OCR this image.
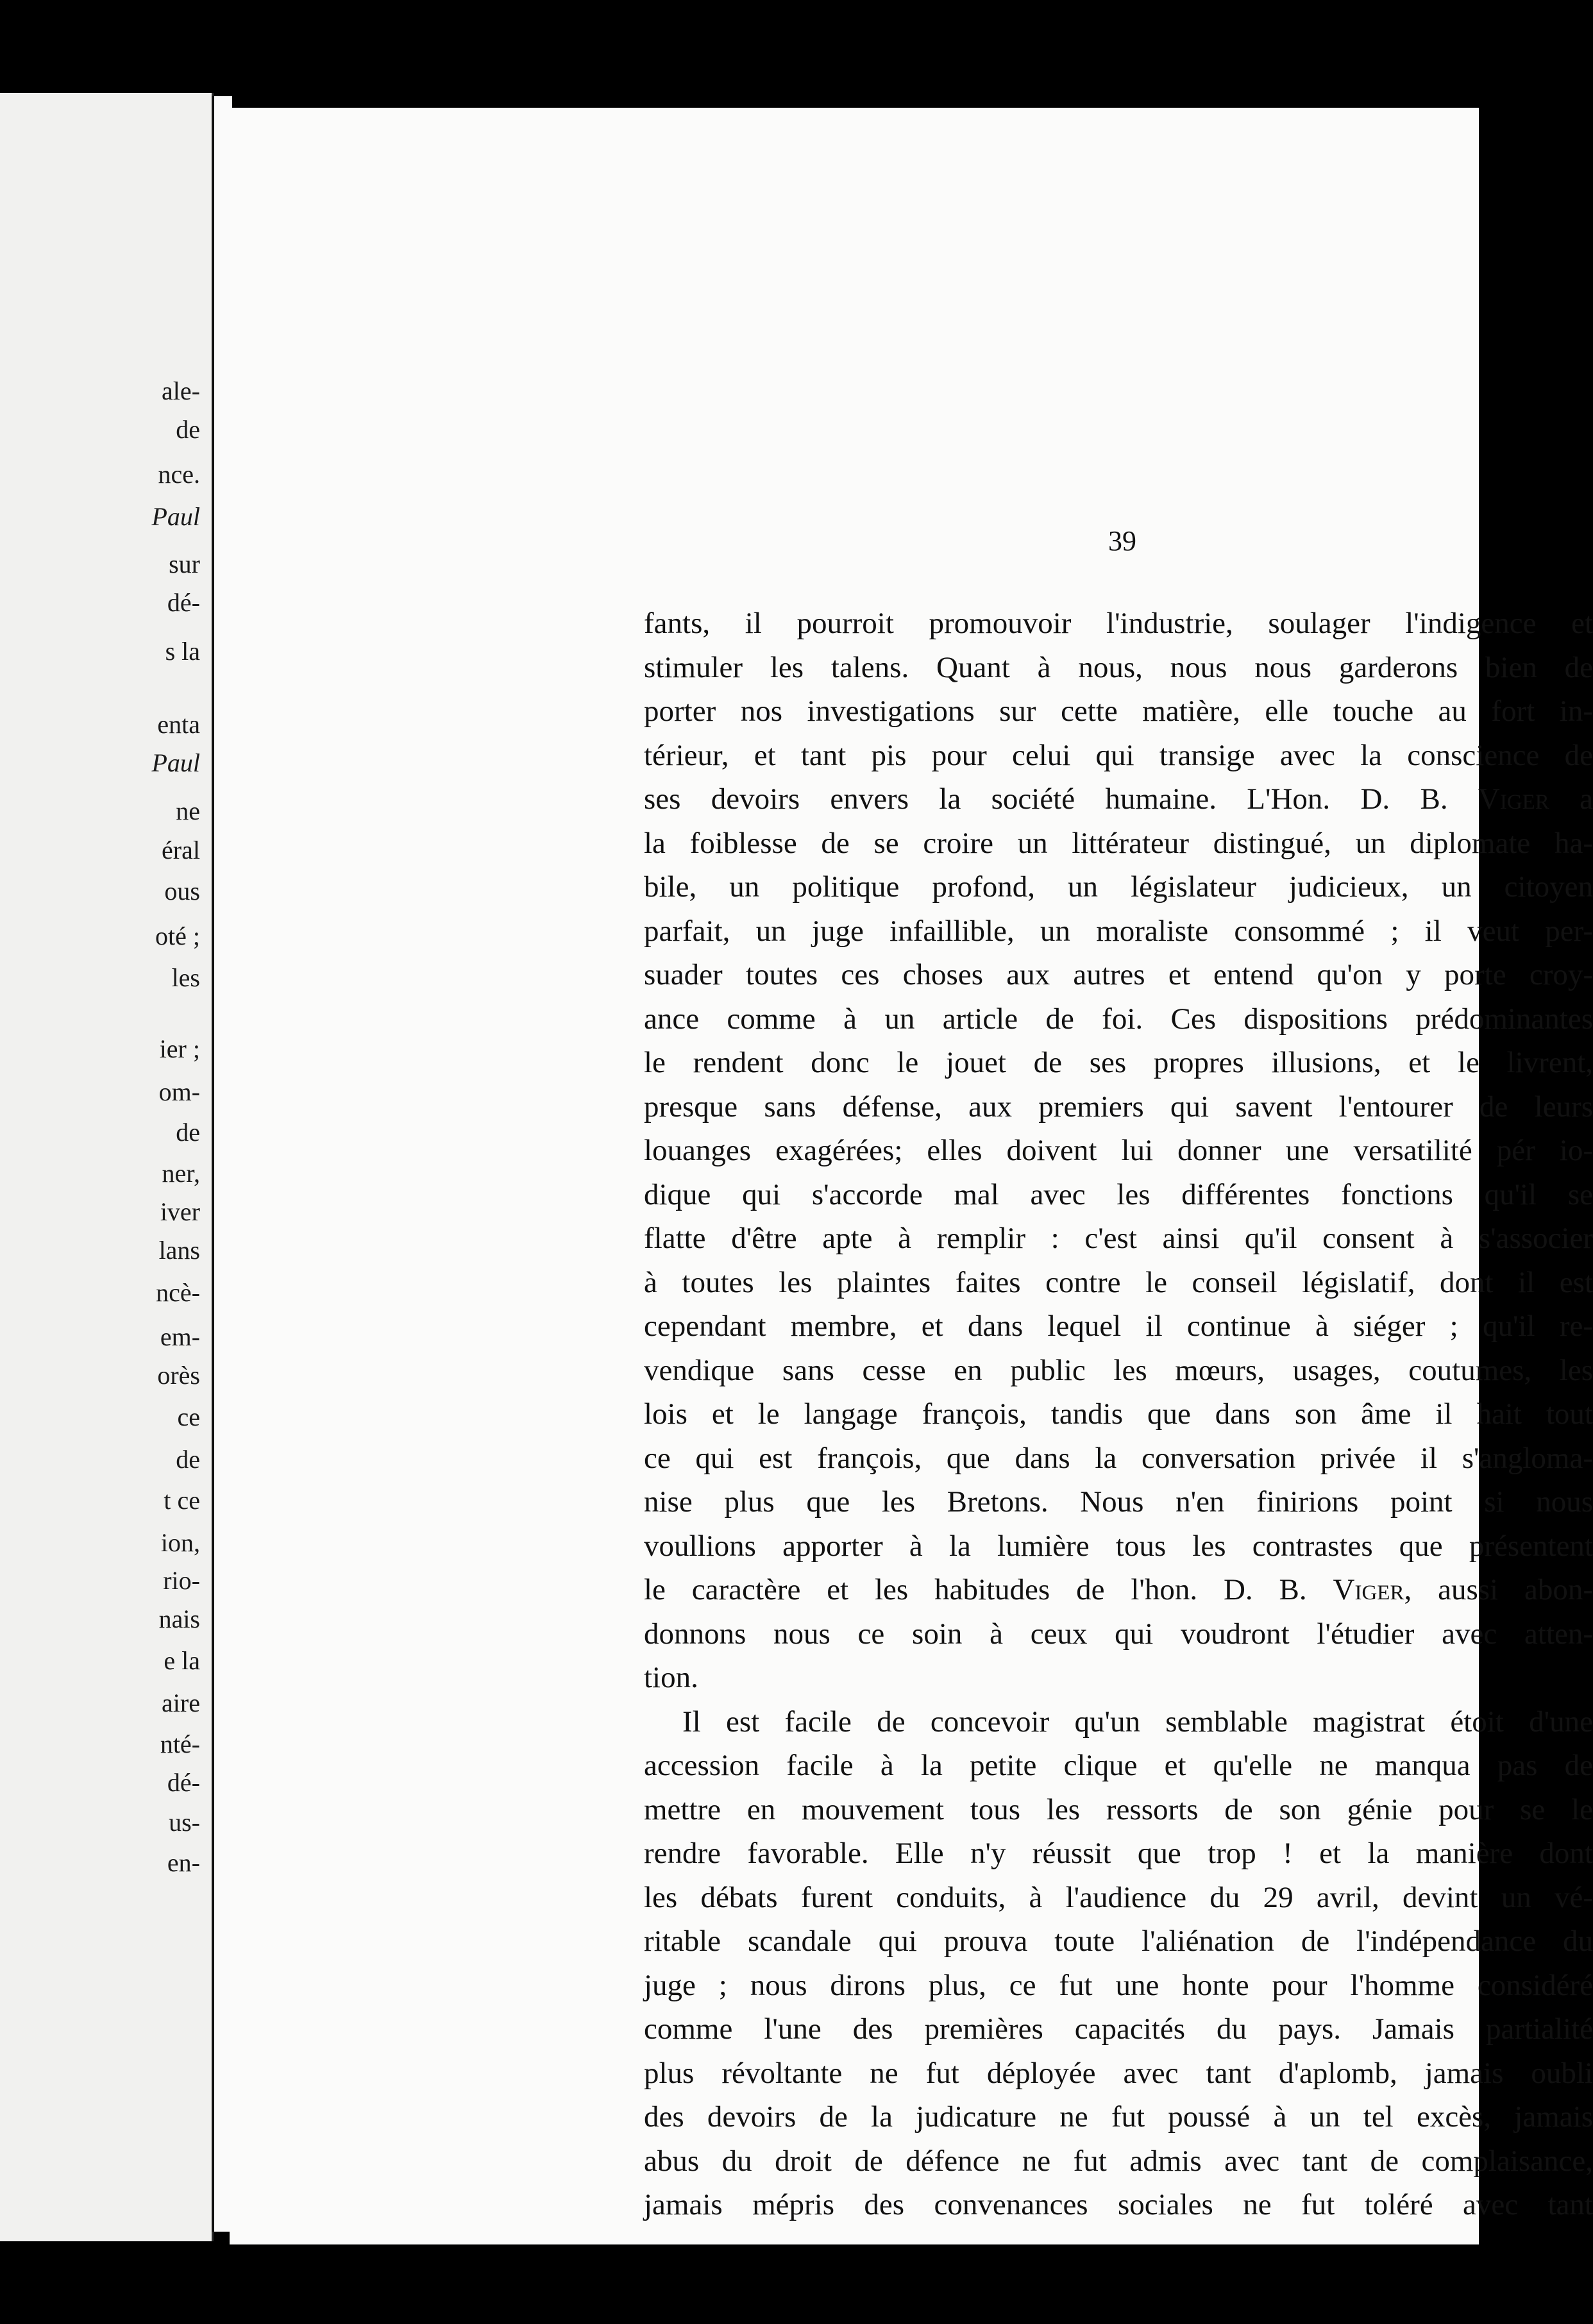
ale-
de
nce.
Paul
sur
dé-
s la
enta
Paul
ne
éral
ous
oté ;
les
ier ;
om-
de
ner,
iver
lans
ncè-
em-
orès
ce
de
t ce
ion,
rio-
nais
e la
aire
nté-
dé-
us-
en-
39
fants, il pourroit promouvoir l'industrie, soulager l'indigence et
stimuler les talens. Quant à nous, nous nous garderons bien de
porter nos investigations sur cette matière, elle touche au fort in-
térieur, et tant pis pour celui qui transige avec la conscience de
ses devoirs envers la société humaine. L'Hon. D. B. Viger a
la foiblesse de se croire un littérateur distingué, un diplomate ha-
bile, un politique profond, un législateur judicieux, un citoyen
parfait, un juge infaillible, un moraliste consommé ; il veut per-
suader toutes ces choses aux autres et entend qu'on y porte croy-
ance comme à un article de foi. Ces dispositions prédominantes
le rendent donc le jouet de ses propres illusions, et le livrent,
presque sans défense, aux premiers qui savent l'entourer de leurs
louanges exagérées; elles doivent lui donner une versatilité pér io-
dique qui s'accorde mal avec les différentes fonctions qu'il se
flatte d'être apte à remplir : c'est ainsi qu'il consent à s'associer
à toutes les plaintes faites contre le conseil législatif, dont il est
cependant membre, et dans lequel il continue à siéger ; qu'il re-
vendique sans cesse en public les mœurs, usages, coutumes, les
lois et le langage françois, tandis que dans son âme il hait tout
ce qui est françois, que dans la conversation privée il s'angloma-
nise plus que les Bretons. Nous n'en finirions point si nous
voullions apporter à la lumière tous les contrastes que présentent
le caractère et les habitudes de l'hon. D. B. Viger, aussi abon-
donnons nous ce soin à ceux qui voudront l'étudier avec atten-
tion.
Il est facile de concevoir qu'un semblable magistrat étoit d'une
accession facile à la petite clique et qu'elle ne manqua pas de
mettre en mouvement tous les ressorts de son génie pour se le
rendre favorable. Elle n'y réussit que trop ! et la manière dont
les débats furent conduits, à l'audience du 29 avril, devint un vé-
ritable scandale qui prouva toute l'aliénation de l'indépendance du
juge ; nous dirons plus, ce fut une honte pour l'homme considéré
comme l'une des premières capacités du pays. Jamais partialité
plus révoltante ne fut déployée avec tant d'aplomb, jamais oubli
des devoirs de la judicature ne fut poussé à un tel excès, jamais
abus du droit de défence ne fut admis avec tant de complaisance,
jamais mépris des convenances sociales ne fut toléré avec tant
